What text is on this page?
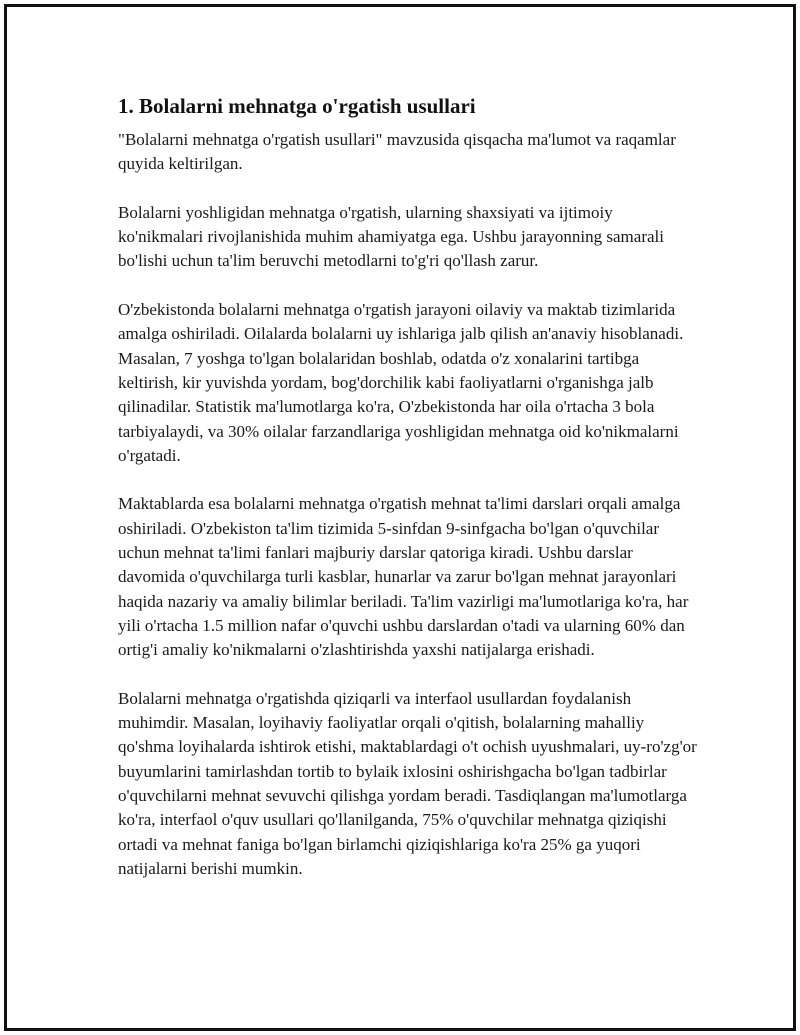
1. Bolalarni mehnatga o'rgatish usullari

"Bolalarni mehnatga o'rgatish usullari" mavzusida qisqacha ma'lumot va raqamlar quyida keltirilgan.

Bolalarni yoshligidan mehnatga o'rgatish, ularning shaxsiyati va ijtimoiy ko'nikmalari rivojlanishida muhim ahamiyatga ega. Ushbu jarayonning samarali bo'lishi uchun ta'lim beruvchi metodlarni to'g'ri qo'llash zarur.

O'zbekistonda bolalarni mehnatga o'rgatish jarayoni oilaviy va maktab tizimlarida amalga oshiriladi. Oilalarda bolalarni uy ishlariga jalb qilish an'anaviy hisoblanadi. Masalan, 7 yoshga to'lgan bolalaridan boshlab, odatda o'z xonalarini tartibga keltirish, kir yuvishda yordam, bog'dorchilik kabi faoliyatlarni o'rganishga jalb qilinadilar. Statistik ma'lumotlarga ko'ra, O'zbekistonda har oila o'rtacha 3 bola tarbiyalaydi, va 30% oilalar farzandlariga yoshligidan mehnatga oid ko'nikmalarni o'rgatadi.

Maktablarda esa bolalarni mehnatga o'rgatish mehnat ta'limi darslari orqali amalga oshiriladi. O'zbekiston ta'lim tizimida 5-sinfdan 9-sinfgacha bo'lgan o'quvchilar uchun mehnat ta'limi fanlari majburiy darslar qatoriga kiradi. Ushbu darslar davomida o'quvchilarga turli kasblar, hunarlar va zarur bo'lgan mehnat jarayonlari haqida nazariy va amaliy bilimlar beriladi. Ta'lim vazirligi ma'lumotlariga ko'ra, har yili o'rtacha 1.5 million nafar o'quvchi ushbu darslardan o'tadi va ularning 60% dan ortig'i amaliy ko'nikmalarni o'zlashtirishda yaxshi natijalarga erishadi.

Bolalarni mehnatga o'rgatishda qiziqarli va interfaol usullardan foydalanish muhimdir. Masalan, loyihaviy faoliyatlar orqali o'qitish, bolalarning mahalliy qo'shma loyihalarda ishtirok etishi, maktablardagi o't ochish uyushmalari, uy-ro'zg'or buyumlarini tamirlashdan tortib to bylaik ixlosini oshirishgacha bo'lgan tadbirlar o'quvchilarni mehnat sevuvchi qilishga yordam beradi. Tasdiqlangan ma'lumotlarga ko'ra, interfaol o'quv usullari qo'llanilganda, 75% o'quvchilar mehnatga qiziqishi ortadi va mehnat faniga bo'lgan birlamchi qiziqishlariga ko'ra 25% ga yuqori natijalarni berishi mumkin.
